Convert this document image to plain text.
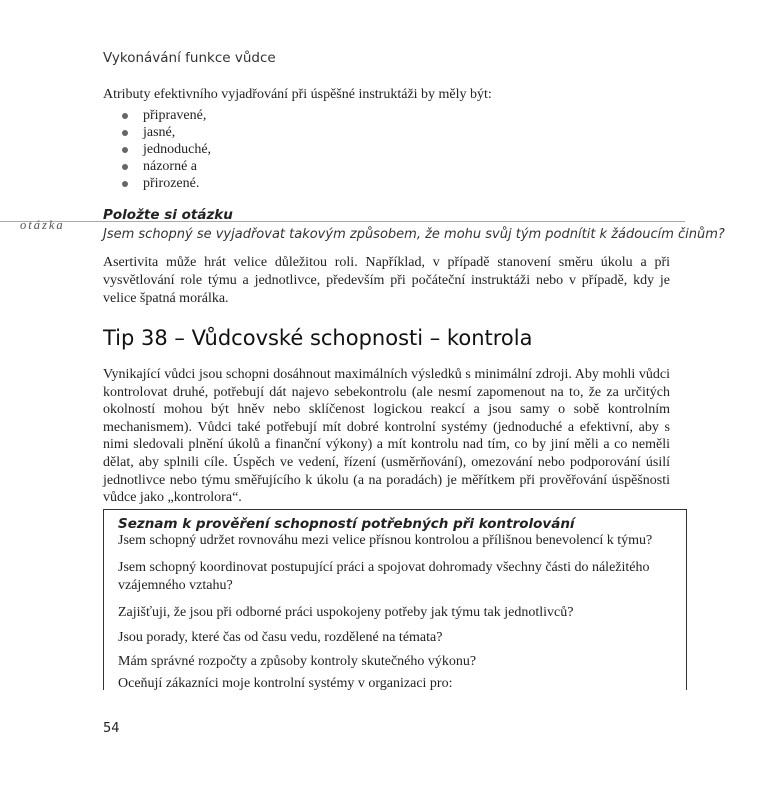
Vykonávání funkce vůdce
Atributy efektivního vyjadřování při úspěšné instruktáži by měly být:
připravené,
jasné,
jednoduché,
názorné a
přirozené.
otázka
Položte si otázku
Jsem schopný se vyjadřovat takovým způsobem, že mohu svůj tým podnítit k žádoucím činům?

Asertivita může hrát velice důležitou roli. Například, v případě stanovení směru úkolu a při vysvětlování role týmu a jednotlivce, především při počáteční instruktáži nebo v případě, kdy je velice špatná morálka.

Tip 38 – Vůdcovské schopnosti – kontrola

Vynikající vůdci jsou schopni dosáhnout maximálních výsledků s minimální zdroji. Aby mohli vůdci kontrolovat druhé, potřebují dát najevo sebekontrolu (ale nesmí zapomenout na to, že za určitých okolností mohou být hněv nebo sklíčenost logickou reakcí a jsou samy o sobě kontrolním mechanismem). Vůdci také potřebují mít dobré kontrolní systémy (jednoduché a efektivní, aby s nimi sledovali plnění úkolů a finanční výkony) a mít kontrolu nad tím, co by jiní měli a co neměli dělat, aby splnili cíle. Úspěch ve vedení, řízení (usměrňování), omezování nebo podporování úsilí jednotlivce nebo týmu směřujícího k úkolu (a na poradách) je měřítkem při prověřování úspěšnosti vůdce jako „kontrolora“.

Seznam k prověření schopností potřebných při kontrolování
Jsem schopný udržet rovnováhu mezi velice přísnou kontrolou a přílišnou benevolencí k týmu?
Jsem schopný koordinovat postupující práci a spojovat dohromady všechny části do náležitého vzájemného vztahu?
Zajišťuji, že jsou při odborné práci uspokojeny potřeby jak týmu tak jednotlivců?
Jsou porady, které čas od času vedu, rozdělené na témata?
Mám správné rozpočty a způsoby kontroly skutečného výkonu?
Oceňují zákazníci moje kontrolní systémy v organizaci pro:
54
